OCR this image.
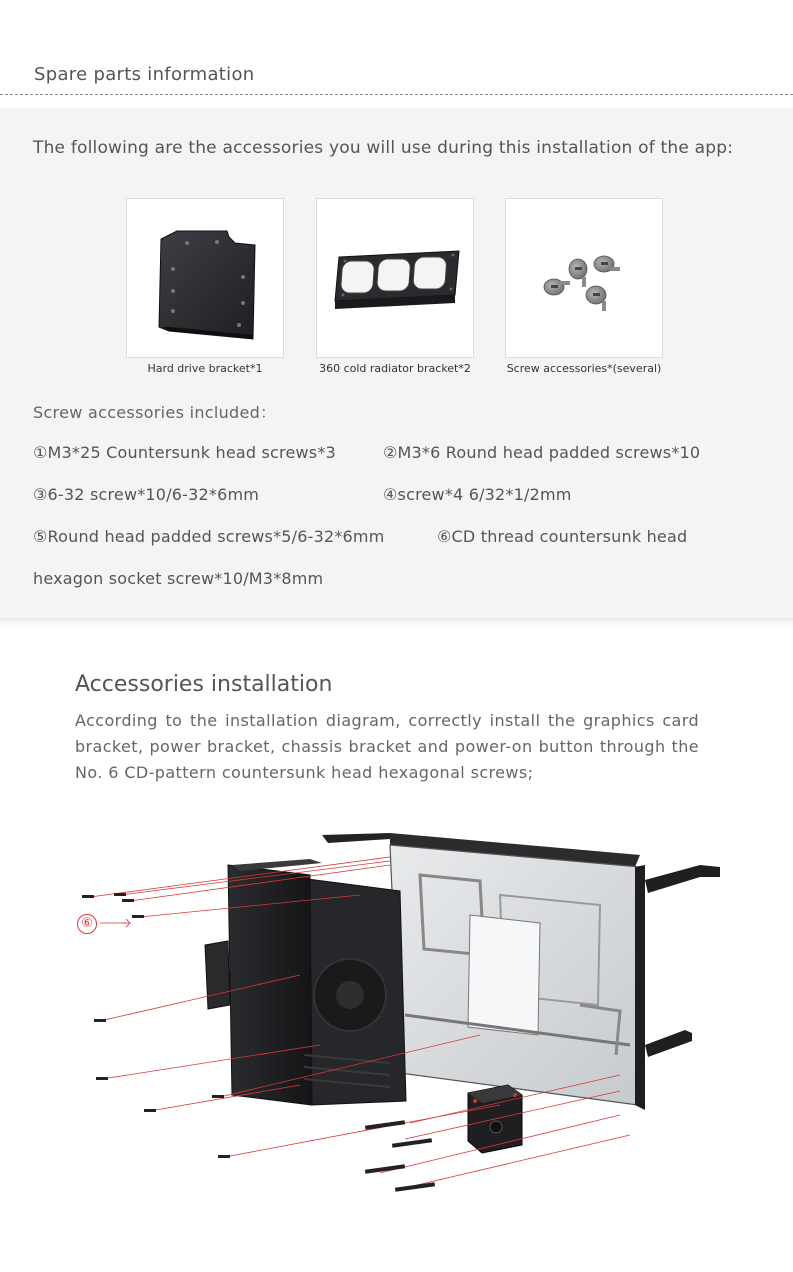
Spare parts information

The following are the accessories you will use during this installation of the app:

Hard drive bracket*1	360 cold radiator bracket*2	Screw accessories*(several)

Screw accessories included：

①M3*25 Countersunk head screws*3	②M3*6 Round head padded screws*10

③6-32 screw*10/6-32*6mm	④screw*4 6/32*1/2mm

⑤Round head padded screws*5/6-32*6mm	⑥CD thread countersunk head

hexagon socket screw*10/M3*8mm

Accessories installation

According to the installation diagram, correctly install the graphics card bracket, power bracket, chassis bracket and power-on button through the No. 6 CD-pattern countersunk head hexagonal screws;

⑥
